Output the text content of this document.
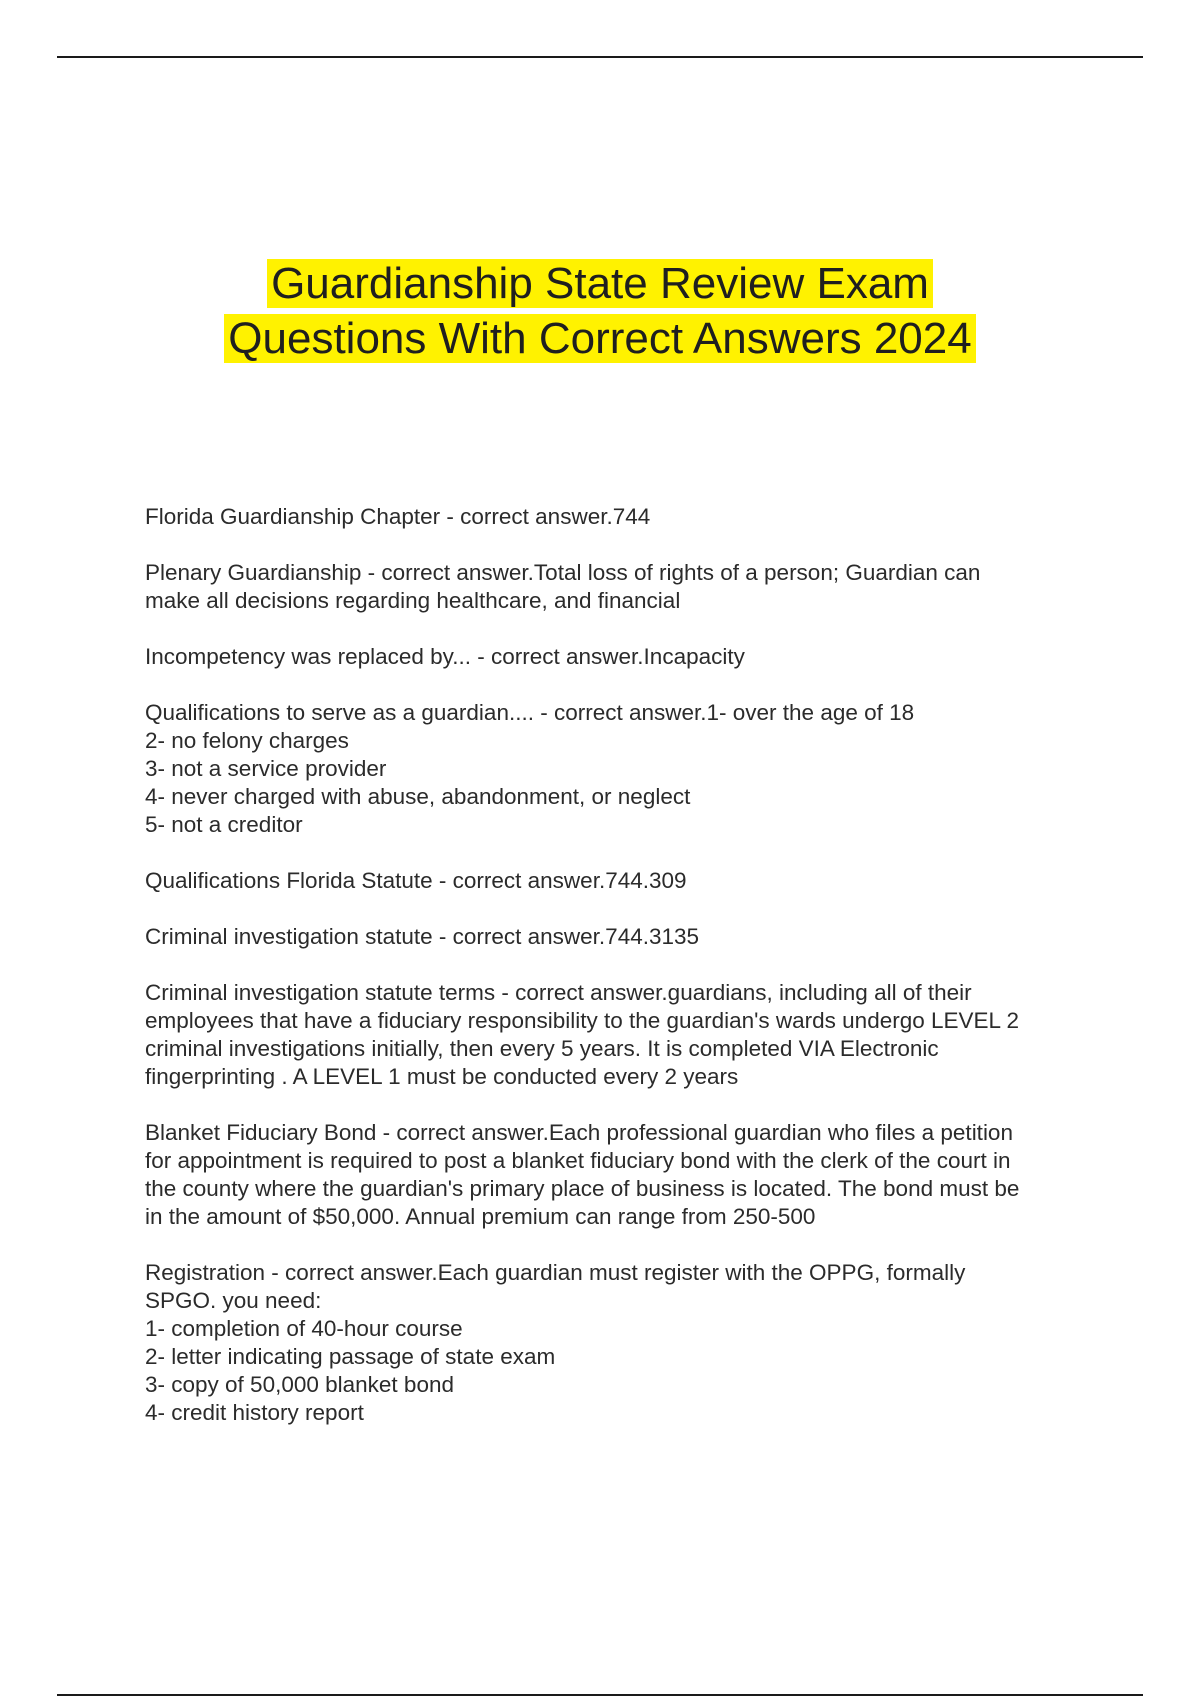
Guardianship State Review Exam
Questions With Correct Answers 2024
Florida Guardianship Chapter - correct answer.744
Plenary Guardianship - correct answer.Total loss of rights of a person; Guardian can
make all decisions regarding healthcare, and financial
Incompetency was replaced by... - correct answer.Incapacity
Qualifications to serve as a guardian.... - correct answer.1- over the age of 18
2- no felony charges
3- not a service provider
4- never charged with abuse, abandonment, or neglect
5- not a creditor
Qualifications Florida Statute - correct answer.744.309
Criminal investigation statute - correct answer.744.3135
Criminal investigation statute terms - correct answer.guardians, including all of their
employees that have a fiduciary responsibility to the guardian's wards undergo LEVEL 2
criminal investigations initially, then every 5 years. It is completed VIA Electronic
fingerprinting . A LEVEL 1 must be conducted every 2 years
Blanket Fiduciary Bond - correct answer.Each professional guardian who files a petition
for appointment is required to post a blanket fiduciary bond with the clerk of the court in
the county where the guardian's primary place of business is located. The bond must be
in the amount of $50,000. Annual premium can range from 250-500
Registration - correct answer.Each guardian must register with the OPPG, formally
SPGO. you need:
1- completion of 40-hour course
2- letter indicating passage of state exam
3- copy of 50,000 blanket bond
4- credit history report
